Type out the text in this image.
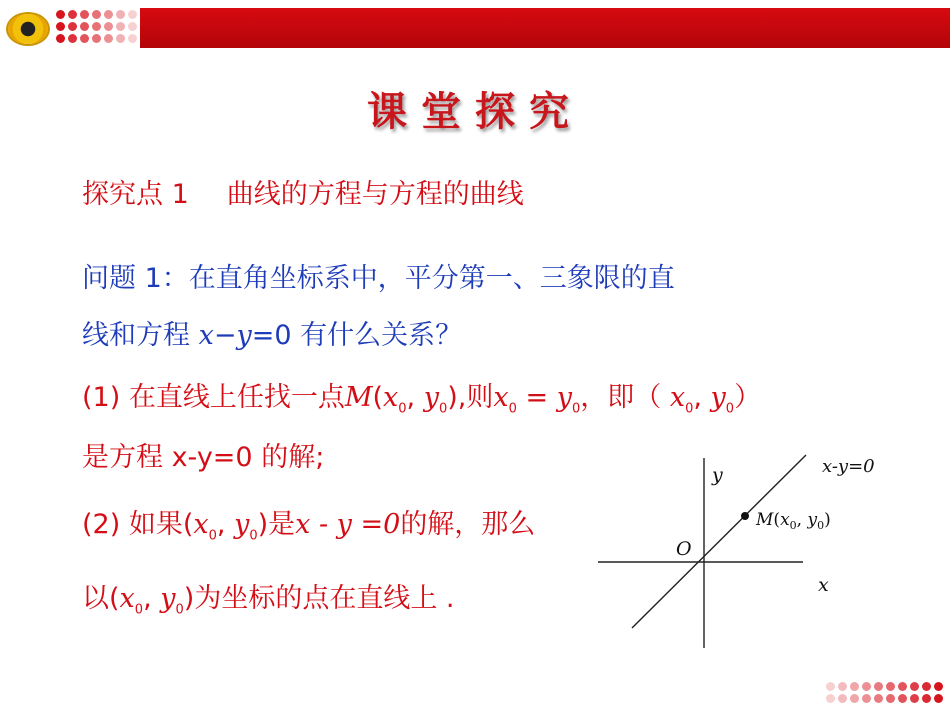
课堂探究
探究点 1 曲线的方程与方程的曲线
问题 1：在直角坐标系中，平分第一、三象限的直
线和方程 x−y=0 有什么关系？
(1) 在直线上任找一点$M(x_0$, $y_0$),则$x_0 = y_0$，即（ $x_0$, $y_0$）
是方程 x-y=0 的解;
(2) 如果($x_0$, $y_0$)是x - y =0的解，那么
以($x_0$, $y_0$)为坐标的点在直线上 .
x-y=0
y
x
O
$M(x_0$, $y_0$)
